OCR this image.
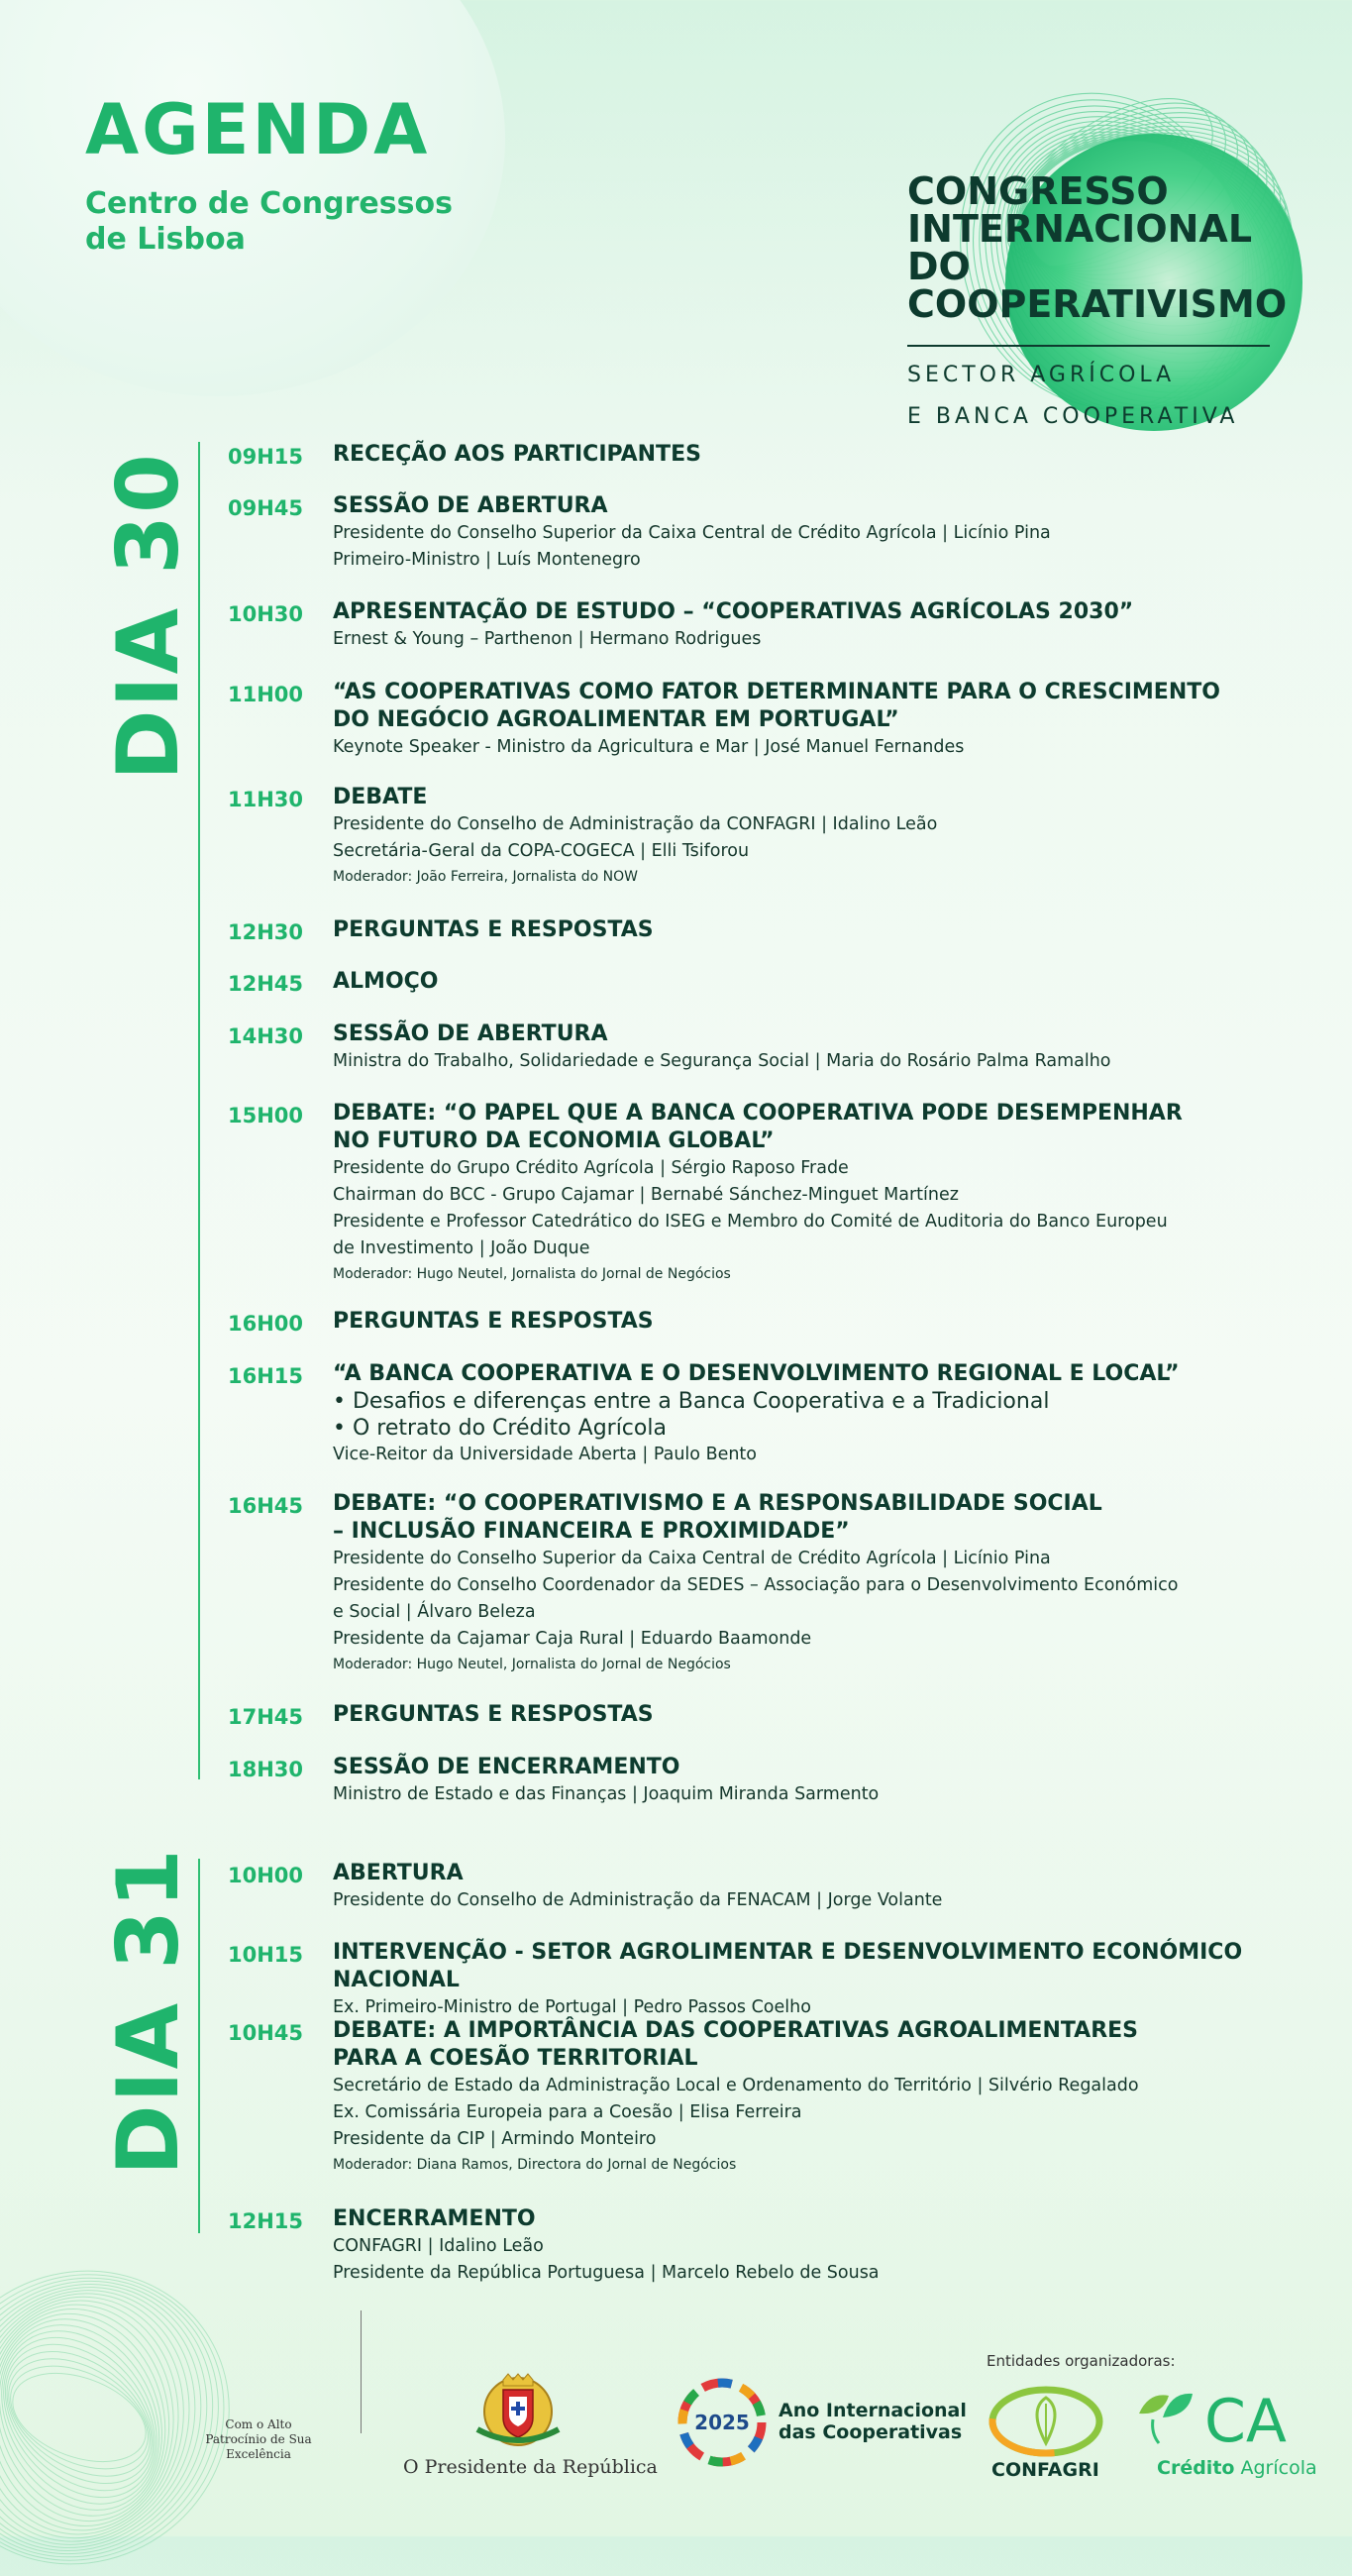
AGENDA
Centro de Congressos de Lisboa
CONGRESSO
INTERNACIONAL
DO
COOPERATIVISMO
SECTOR AGRÍCOLA
E BANCA COOPERATIVA
DIA 30
DIA 31
09H15 RECEÇÃO AOS PARTICIPANTES
09H45 SESSÃO DE ABERTURA
Presidente do Conselho Superior da Caixa Central de Crédito Agrícola | Licínio Pina
Primeiro-Ministro | Luís Montenegro
10H30 APRESENTAÇÃO DE ESTUDO – “COOPERATIVAS AGRÍCOLAS 2030”
Ernest & Young – Parthenon | Hermano Rodrigues
11H00 “AS COOPERATIVAS COMO FATOR DETERMINANTE PARA O CRESCIMENTO
DO NEGÓCIO AGROALIMENTAR EM PORTUGAL”
Keynote Speaker - Ministro da Agricultura e Mar | José Manuel Fernandes
11H30 DEBATE
Presidente do Conselho de Administração da CONFAGRI | Idalino Leão
Secretária-Geral da COPA-COGECA | Elli Tsiforou
Moderador: João Ferreira, Jornalista do NOW
12H30 PERGUNTAS E RESPOSTAS
12H45 ALMOÇO
14H30 SESSÃO DE ABERTURA
Ministra do Trabalho, Solidariedade e Segurança Social | Maria do Rosário Palma Ramalho
15H00 DEBATE: “O PAPEL QUE A BANCA COOPERATIVA PODE DESEMPENHAR
NO FUTURO DA ECONOMIA GLOBAL”
Presidente do Grupo Crédito Agrícola | Sérgio Raposo Frade
Chairman do BCC - Grupo Cajamar | Bernabé Sánchez-Minguet Martínez
Presidente e Professor Catedrático do ISEG e Membro do Comité de Auditoria do Banco Europeu
de Investimento | João Duque
Moderador: Hugo Neutel, Jornalista do Jornal de Negócios
16H00 PERGUNTAS E RESPOSTAS
16H15 “A BANCA COOPERATIVA E O DESENVOLVIMENTO REGIONAL E LOCAL”
• Desafios e diferenças entre a Banca Cooperativa e a Tradicional
• O retrato do Crédito Agrícola
Vice-Reitor da Universidade Aberta | Paulo Bento
16H45 DEBATE: “O COOPERATIVISMO E A RESPONSABILIDADE SOCIAL
– INCLUSÃO FINANCEIRA E PROXIMIDADE”
Presidente do Conselho Superior da Caixa Central de Crédito Agrícola | Licínio Pina
Presidente do Conselho Coordenador da SEDES – Associação para o Desenvolvimento Económico
e Social | Álvaro Beleza
Presidente da Cajamar Caja Rural | Eduardo Baamonde
Moderador: Hugo Neutel, Jornalista do Jornal de Negócios
17H45 PERGUNTAS E RESPOSTAS
18H30 SESSÃO DE ENCERRAMENTO
Ministro de Estado e das Finanças | Joaquim Miranda Sarmento
10H00 ABERTURA
Presidente do Conselho de Administração da FENACAM | Jorge Volante
10H15 INTERVENÇÃO - SETOR AGROLIMENTAR E DESENVOLVIMENTO ECONÓMICO NACIONAL
Ex. Primeiro-Ministro de Portugal | Pedro Passos Coelho
10H45 DEBATE: A IMPORTÂNCIA DAS COOPERATIVAS AGROALIMENTARES
PARA A COESÃO TERRITORIAL
Secretário de Estado da Administração Local e Ordenamento do Território | Silvério Regalado
Ex. Comissária Europeia para a Coesão | Elisa Ferreira
Presidente da CIP | Armindo Monteiro
Moderador: Diana Ramos, Directora do Jornal de Negócios
12H15 ENCERRAMENTO
CONFAGRI | Idalino Leão
Presidente da República Portuguesa | Marcelo Rebelo de Sousa
Com o Alto Patrocínio de Sua Excelência
O Presidente da República
2025 Ano Internacional
das Cooperativas
Entidades organizadoras:
CONFAGRI
CA
Crédito Agrícola
